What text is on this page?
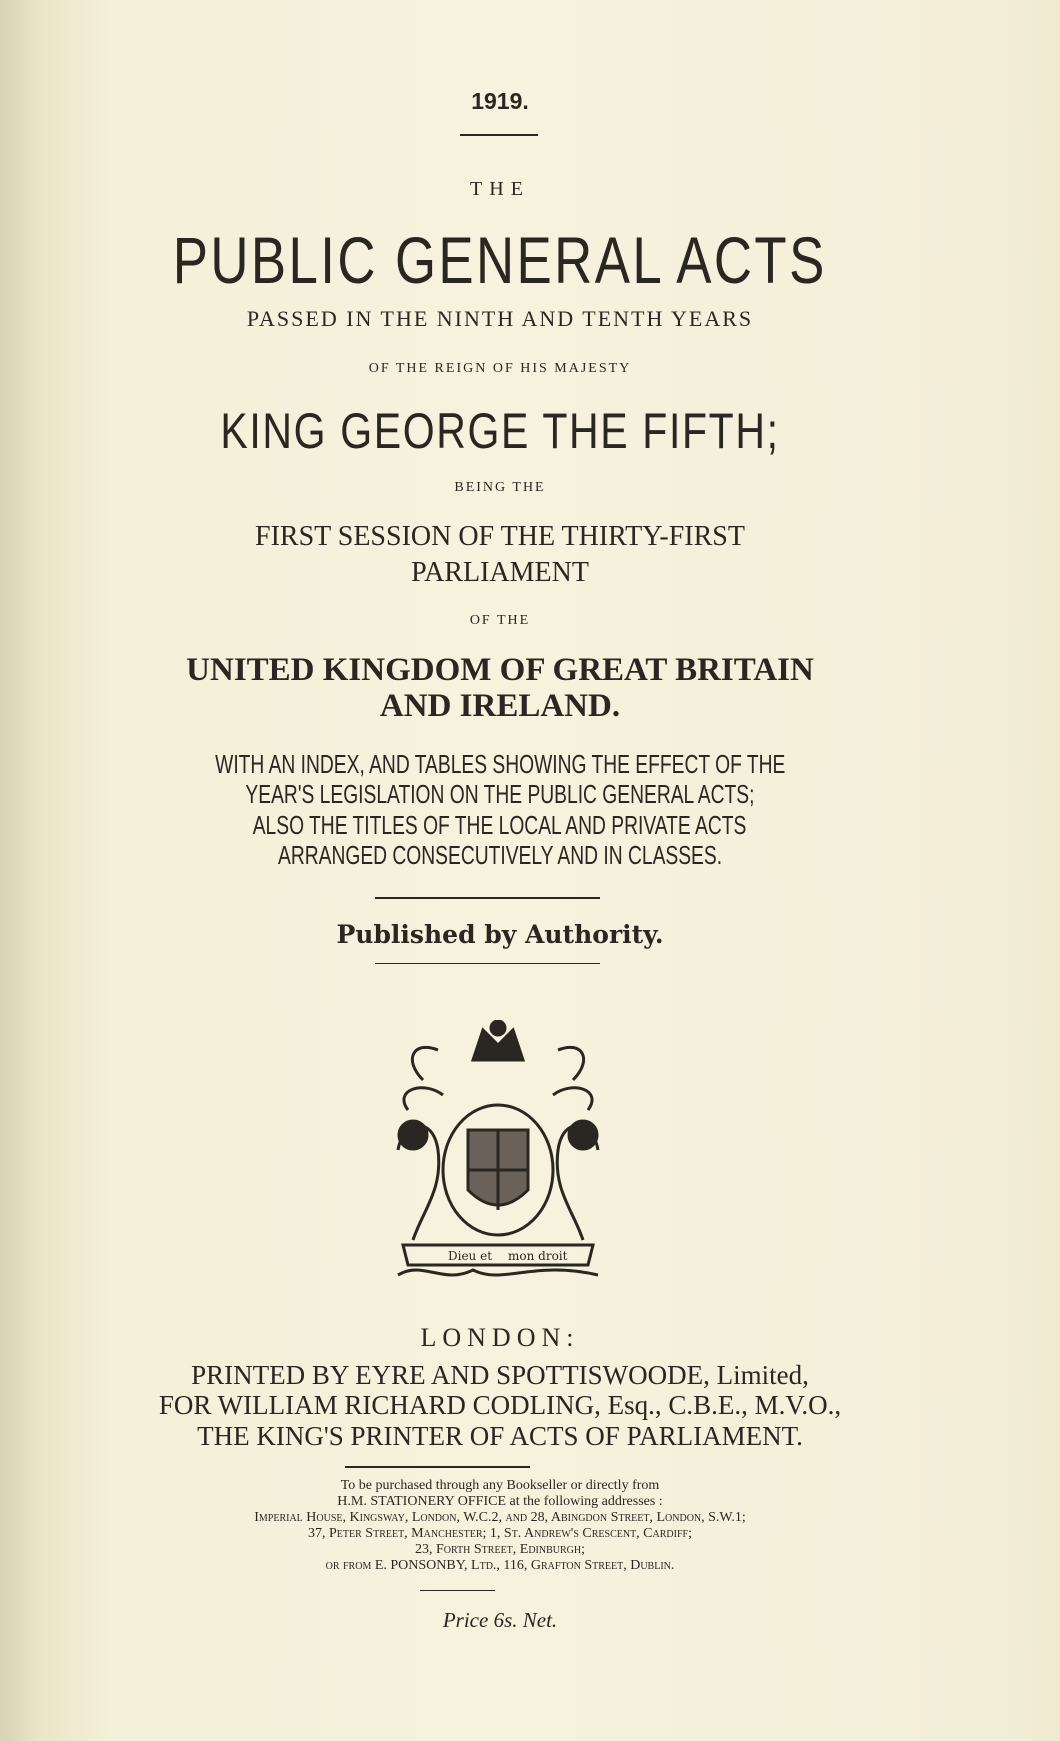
1919.
THE
PUBLIC GENERAL ACTS
PASSED IN THE NINTH AND TENTH YEARS
OF THE REIGN OF HIS MAJESTY
KING GEORGE THE FIFTH;
BEING THE
FIRST SESSION OF THE THIRTY-FIRST
PARLIAMENT
OF THE
UNITED KINGDOM OF GREAT BRITAIN
AND IRELAND.
WITH AN INDEX, AND TABLES SHOWING THE EFFECT OF THE
YEAR'S LEGISLATION ON THE PUBLIC GENERAL ACTS;
ALSO THE TITLES OF THE LOCAL AND PRIVATE ACTS
ARRANGED CONSECUTIVELY AND IN CLASSES.
Published by Authority.
Dieu et mon droit
LONDON:
PRINTED BY EYRE AND SPOTTISWOODE, Limited,
FOR WILLIAM RICHARD CODLING, Esq., C.B.E., M.V.O.,
THE KING'S PRINTER OF ACTS OF PARLIAMENT.
To be purchased through any Bookseller or directly from
H.M. STATIONERY OFFICE at the following addresses :
Imperial House, Kingsway, London, W.C.2, and 28, Abingdon Street, London, S.W.1;
37, Peter Street, Manchester; 1, St. Andrew's Crescent, Cardiff;
23, Forth Street, Edinburgh;
or from E. PONSONBY, Ltd., 116, Grafton Street, Dublin.
Price 6s. Net.
